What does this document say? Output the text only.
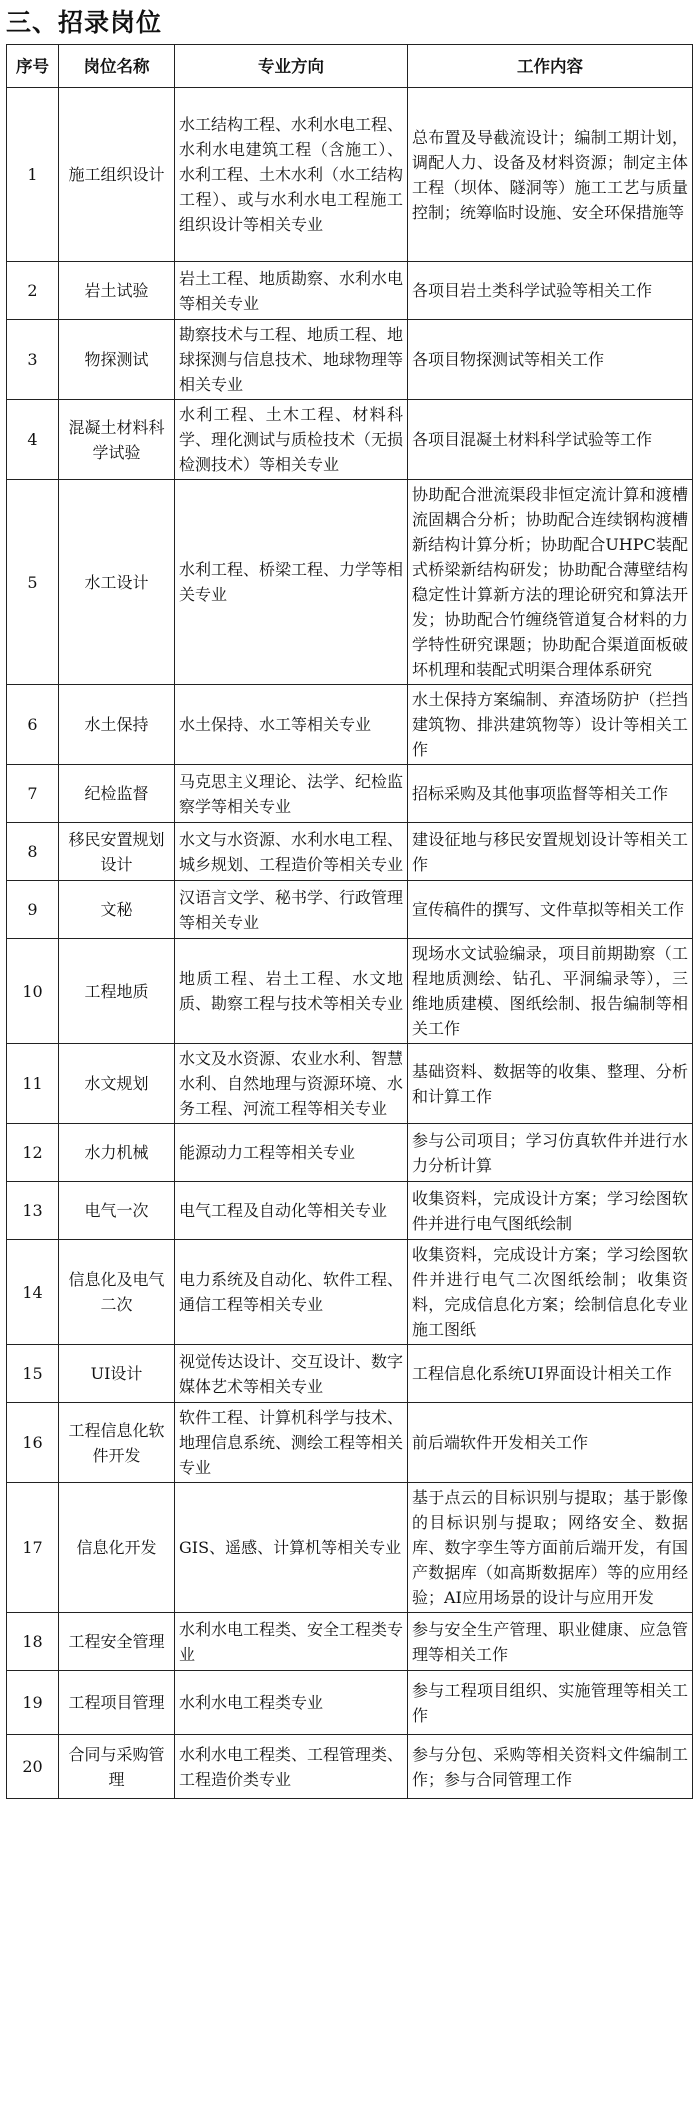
三、招录岗位
序号	岗位名称	专业方向	工作内容
1	施工组织设计	水工结构工程、水利水电工程、水利水电建筑工程（含施工）、水利工程、土木水利（水工结构工程）、或与水利水电工程施工组织设计等相关专业	总布置及导截流设计；编制工期计划，调配人力、设备及材料资源；制定主体工程（坝体、隧洞等）施工工艺与质量控制；统筹临时设施、安全环保措施等
2	岩土试验	岩土工程、地质勘察、水利水电等相关专业	各项目岩土类科学试验等相关工作
3	物探测试	勘察技术与工程、地质工程、地球探测与信息技术、地球物理等相关专业	各项目物探测试等相关工作
4	混凝土材料科学试验	水利工程、土木工程、材料科学、理化测试与质检技术（无损检测技术）等相关专业	各项目混凝土材料科学试验等工作
5	水工设计	水利工程、桥梁工程、力学等相关专业	协助配合泄流渠段非恒定流计算和渡槽流固耦合分析；协助配合连续钢构渡槽新结构计算分析；协助配合UHPC装配式桥梁新结构研发；协助配合薄壁结构稳定性计算新方法的理论研究和算法开发；协助配合竹缠绕管道复合材料的力学特性研究课题；协助配合渠道面板破坏机理和装配式明渠合理体系研究
6	水土保持	水土保持、水工等相关专业	水土保持方案编制、弃渣场防护（拦挡建筑物、排洪建筑物等）设计等相关工作
7	纪检监督	马克思主义理论、法学、纪检监察学等相关专业	招标采购及其他事项监督等相关工作
8	移民安置规划设计	水文与水资源、水利水电工程、城乡规划、工程造价等相关专业	建设征地与移民安置规划设计等相关工作
9	文秘	汉语言文学、秘书学、行政管理等相关专业	宣传稿件的撰写、文件草拟等相关工作
10	工程地质	地质工程、岩土工程、水文地质、勘察工程与技术等相关专业	现场水文试验编录，项目前期勘察（工程地质测绘、钻孔、平洞编录等），三维地质建模、图纸绘制、报告编制等相关工作
11	水文规划	水文及水资源、农业水利、智慧水利、自然地理与资源环境、水务工程、河流工程等相关专业	基础资料、数据等的收集、整理、分析和计算工作
12	水力机械	能源动力工程等相关专业	参与公司项目；学习仿真软件并进行水力分析计算
13	电气一次	电气工程及自动化等相关专业	收集资料，完成设计方案；学习绘图软件并进行电气图纸绘制
14	信息化及电气二次	电力系统及自动化、软件工程、通信工程等相关专业	收集资料，完成设计方案；学习绘图软件并进行电气二次图纸绘制；收集资料，完成信息化方案；绘制信息化专业施工图纸
15	UI设计	视觉传达设计、交互设计、数字媒体艺术等相关专业	工程信息化系统UI界面设计相关工作
16	工程信息化软件开发	软件工程、计算机科学与技术、地理信息系统、测绘工程等相关专业	前后端软件开发相关工作
17	信息化开发	GIS、遥感、计算机等相关专业	基于点云的目标识别与提取；基于影像的目标识别与提取；网络安全、数据库、数字孪生等方面前后端开发，有国产数据库（如高斯数据库）等的应用经验；AI应用场景的设计与应用开发
18	工程安全管理	水利水电工程类、安全工程类专业	参与安全生产管理、职业健康、应急管理等相关工作
19	工程项目管理	水利水电工程类专业	参与工程项目组织、实施管理等相关工作
20	合同与采购管理	水利水电工程类、工程管理类、工程造价类专业	参与分包、采购等相关资料文件编制工作；参与合同管理工作
